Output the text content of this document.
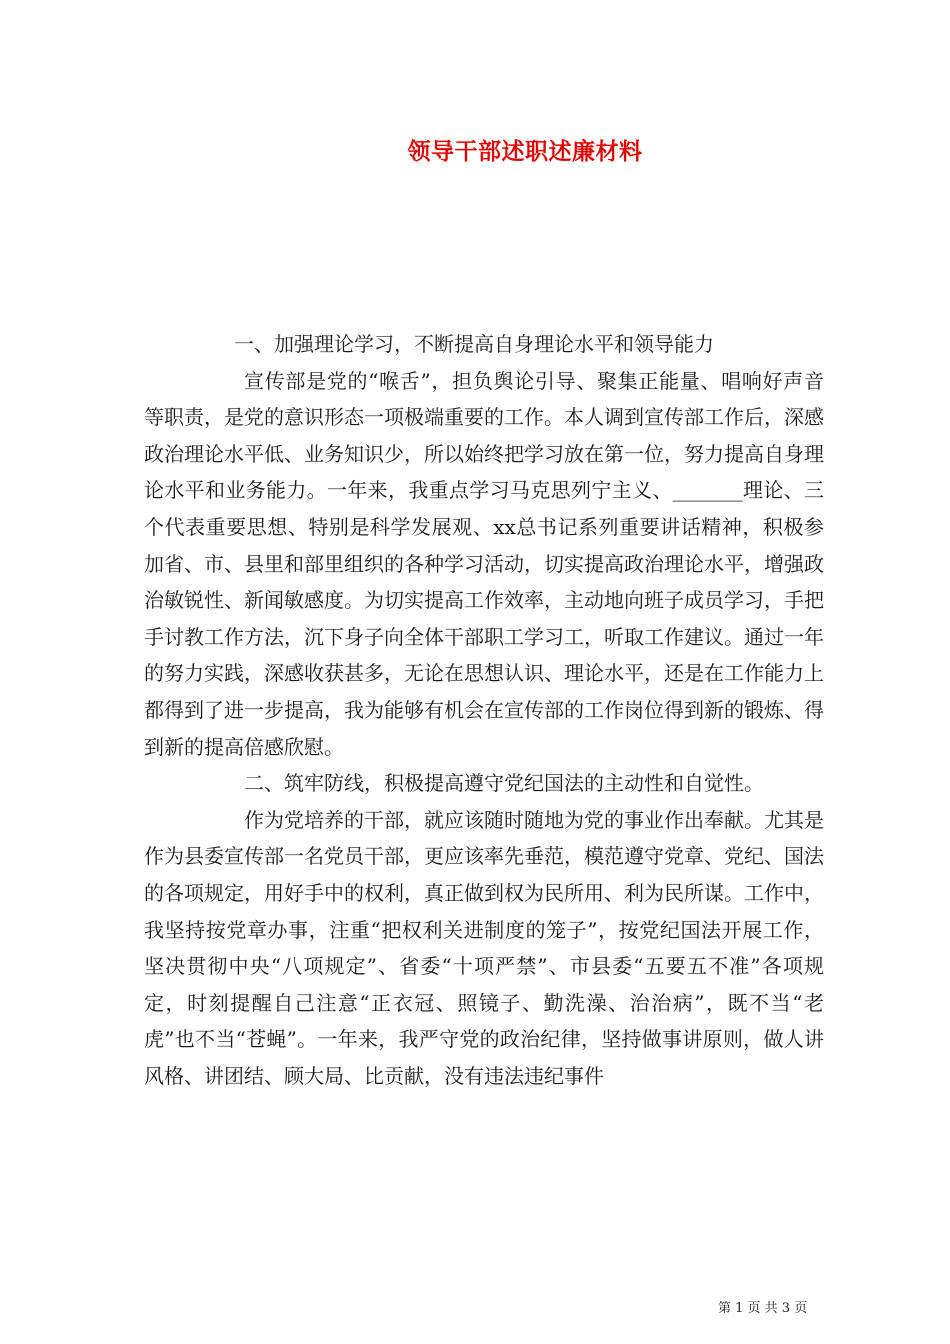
领导干部述职述廉材料

一、加强理论学习，不断提高自身理论水平和领导能力

宣传部是党的“喉舌”，担负舆论引导、聚集正能量、唱响好声音等职责，是党的意识形态一项极端重要的工作。本人调到宣传部工作后，深感政治理论水平低、业务知识少，所以始终把学习放在第一位，努力提高自身理论水平和业务能力。一年来，我重点学习马克思列宁主义、_______理论、三个代表重要思想、特别是科学发展观、xx总书记系列重要讲话精神，积极参加省、市、县里和部里组织的各种学习活动，切实提高政治理论水平，增强政治敏锐性、新闻敏感度。为切实提高工作效率，主动地向班子成员学习，手把手讨教工作方法，沉下身子向全体干部职工学习工，听取工作建议。通过一年的努力实践，深感收获甚多，无论在思想认识、理论水平，还是在工作能力上都得到了进一步提高，我为能够有机会在宣传部的工作岗位得到新的锻炼、得到新的提高倍感欣慰。

二、筑牢防线，积极提高遵守党纪国法的主动性和自觉性。

作为党培养的干部，就应该随时随地为党的事业作出奉献。尤其是作为县委宣传部一名党员干部，更应该率先垂范，模范遵守党章、党纪、国法的各项规定，用好手中的权利，真正做到权为民所用、利为民所谋。工作中，我坚持按党章办事，注重“把权利关进制度的笼子”，按党纪国法开展工作，坚决贯彻中央“八项规定”、省委“十项严禁”、市县委“五要五不准”各项规定，时刻提醒自己注意“正衣冠、照镜子、勤洗澡、治治病”，既不当“老虎”也不当“苍蝇”。一年来，我严守党的政治纪律，坚持做事讲原则，做人讲风格、讲团结、顾大局、比贡献，没有违法违纪事件

第 1 页 共 3 页
